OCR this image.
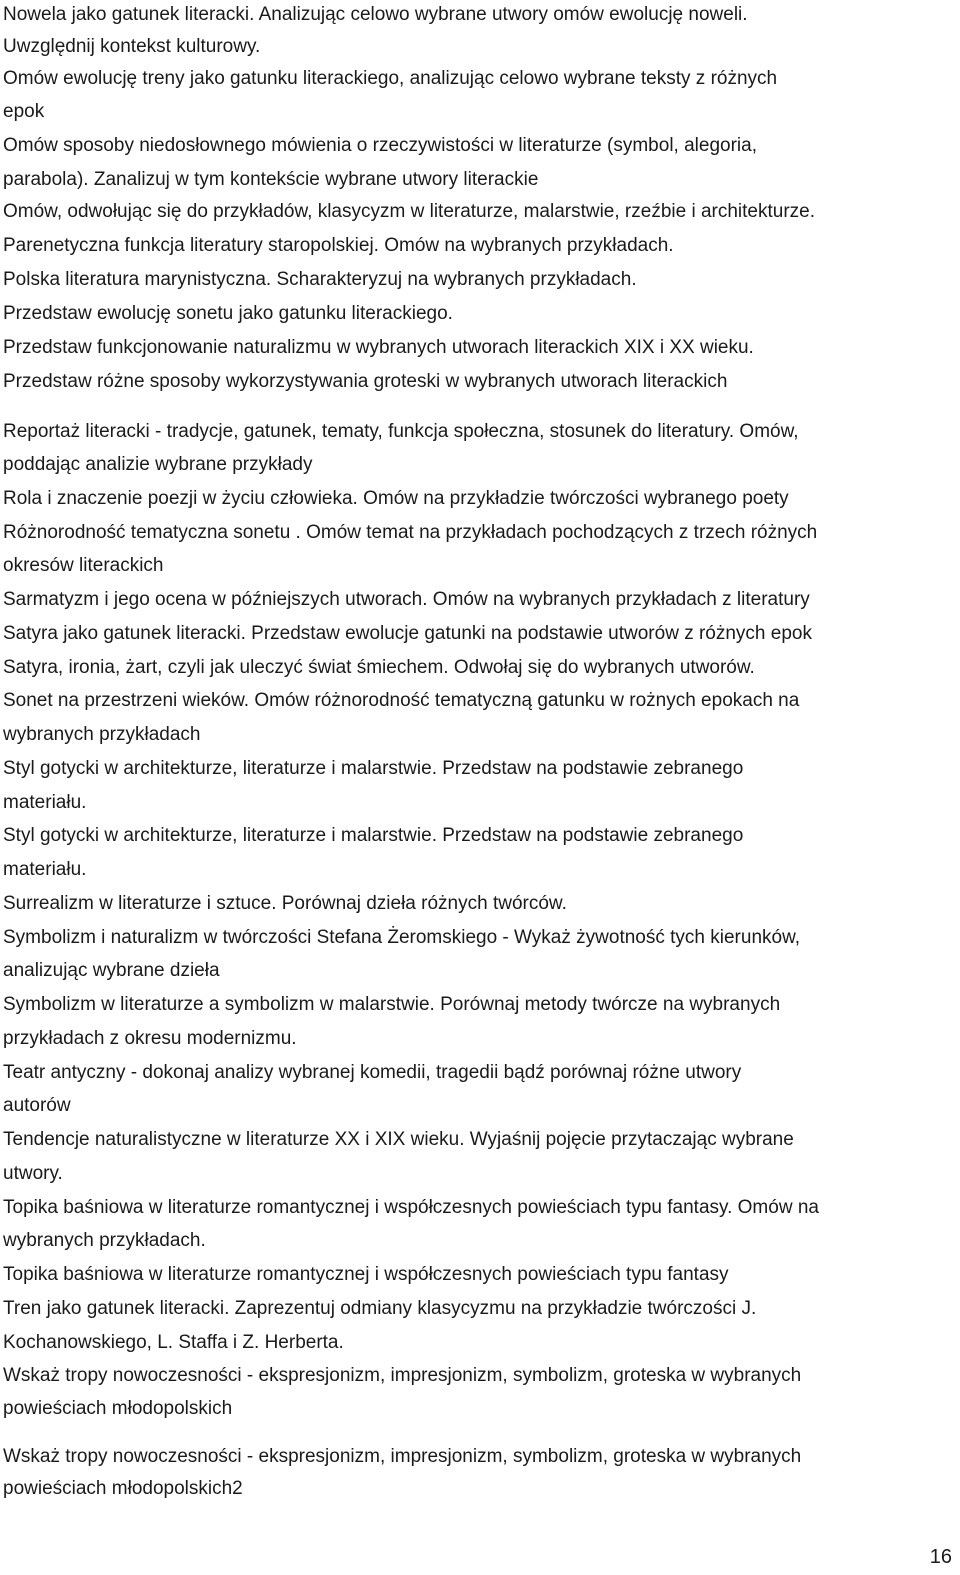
Nowela jako gatunek literacki. Analizując celowo wybrane utwory omów ewolucję noweli.
Uwzględnij kontekst kulturowy.
Omów ewolucję treny jako gatunku literackiego, analizując celowo wybrane teksty z różnych
epok
Omów sposoby niedosłownego mówienia o rzeczywistości w literaturze (symbol, alegoria,
parabola). Zanalizuj w tym kontekście wybrane utwory literackie
Omów, odwołując się do przykładów, klasycyzm w literaturze, malarstwie, rzeźbie i architekturze.
Parenetyczna funkcja literatury staropolskiej. Omów na wybranych przykładach.
Polska literatura marynistyczna. Scharakteryzuj na wybranych przykładach.
Przedstaw ewolucję sonetu jako gatunku literackiego.
Przedstaw funkcjonowanie naturalizmu w wybranych utworach literackich XIX i XX wieku.
Przedstaw różne sposoby wykorzystywania groteski w wybranych utworach literackich
Reportaż literacki - tradycje, gatunek, tematy, funkcja społeczna, stosunek do literatury. Omów,
poddając analizie wybrane przykłady
Rola i znaczenie poezji w życiu człowieka. Omów na przykładzie twórczości wybranego poety
Różnorodność tematyczna sonetu . Omów temat na przykładach pochodzących z trzech różnych
okresów literackich
Sarmatyzm i jego ocena w późniejszych utworach. Omów na wybranych przykładach z literatury
Satyra jako gatunek literacki. Przedstaw ewolucje gatunki na podstawie utworów z różnych epok
Satyra, ironia, żart, czyli jak uleczyć świat śmiechem. Odwołaj się do wybranych utworów.
Sonet na przestrzeni wieków. Omów różnorodność tematyczną gatunku w rożnych epokach na
wybranych przykładach
Styl gotycki w architekturze, literaturze i malarstwie. Przedstaw na podstawie zebranego
materiału.
Styl gotycki w architekturze, literaturze i malarstwie. Przedstaw na podstawie zebranego
materiału.
Surrealizm w literaturze i sztuce. Porównaj dzieła różnych twórców.
Symbolizm i naturalizm w twórczości Stefana Żeromskiego - Wykaż żywotność tych kierunków,
analizując wybrane dzieła
Symbolizm w literaturze a symbolizm w malarstwie. Porównaj metody twórcze na wybranych
przykładach z okresu modernizmu.
Teatr antyczny - dokonaj analizy wybranej komedii, tragedii bądź porównaj różne utwory
autorów
Tendencje naturalistyczne w literaturze XX i XIX wieku. Wyjaśnij pojęcie przytaczając wybrane
utwory.
Topika baśniowa w literaturze romantycznej i współczesnych powieściach typu fantasy. Omów na
wybranych przykładach.
Topika baśniowa w literaturze romantycznej i współczesnych powieściach typu fantasy
Tren jako gatunek literacki. Zaprezentuj odmiany klasycyzmu na przykładzie twórczości J.
Kochanowskiego, L. Staffa i Z. Herberta.
Wskaż tropy nowoczesności - ekspresjonizm, impresjonizm, symbolizm, groteska w wybranych
powieściach młodopolskich
Wskaż tropy nowoczesności - ekspresjonizm, impresjonizm, symbolizm, groteska w wybranych
powieściach młodopolskich2
16
